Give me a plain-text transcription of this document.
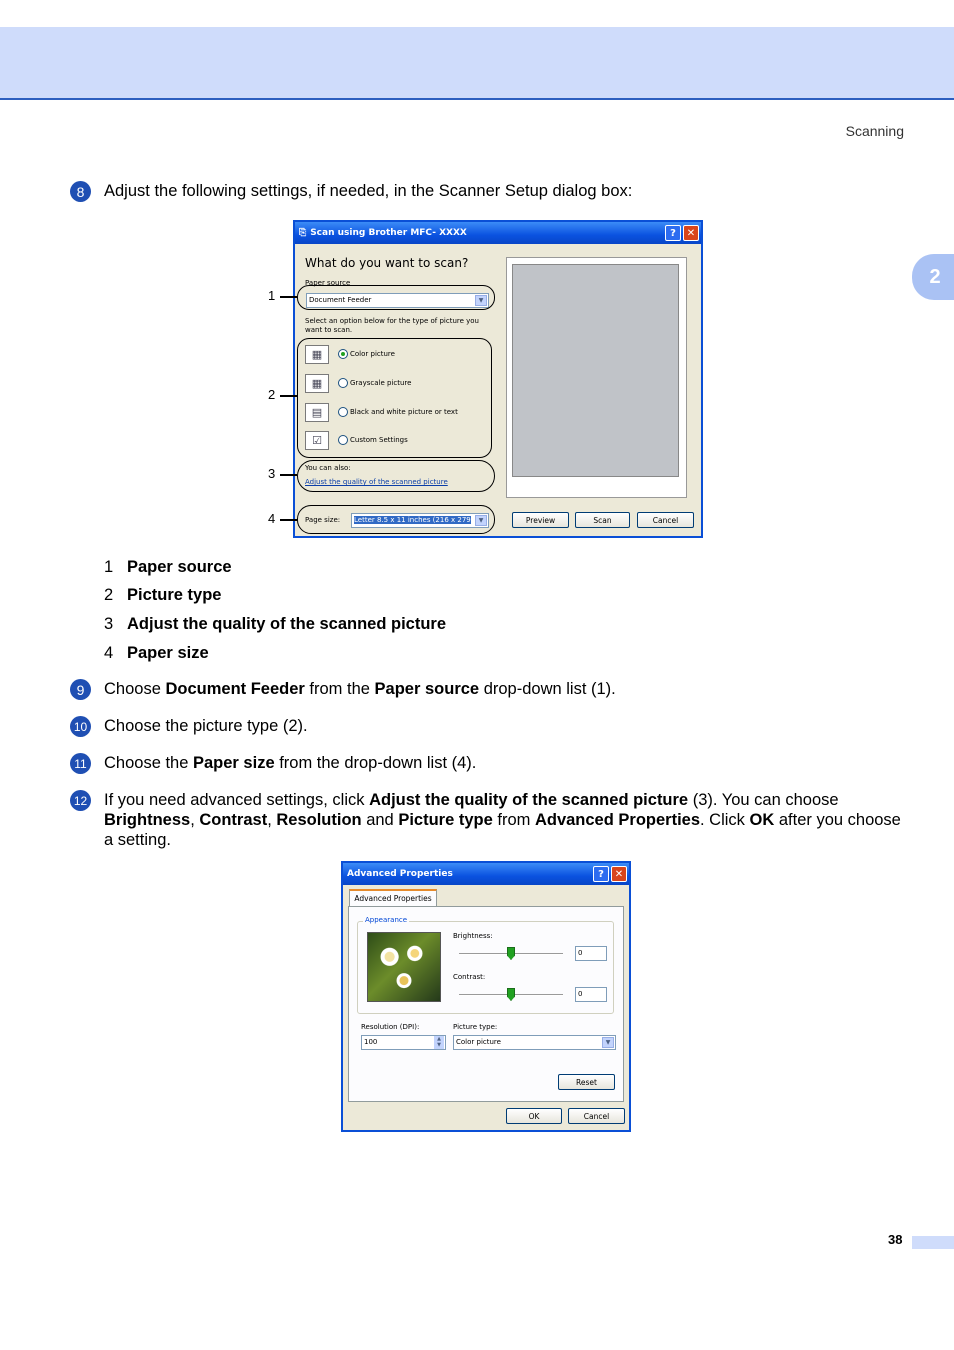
Scanning
2
8	Adjust the following settings, if needed, in the Scanner Setup dialog box:
⎘ Scan using Brother MFC- XXXX	?	✕
What do you want to scan?
Paper source
Document Feeder	▼
Select an option below for the type of picture you want to scan.
▦	Color picture
▦	Grayscale picture
▤	Black and white picture or text
☑	Custom Settings
You can also:
Adjust the quality of the scanned picture
Page size:	Letter 8.5 x 11 inches (216 x 279	▼	Preview	Scan	Cancel
1
2
3
4
1 Paper source
2 Picture type
3 Adjust the quality of the scanned picture
4 Paper size
9	Choose Document Feeder from the Paper source drop-down list (1).
10 Choose the picture type (2).
11 Choose the Paper size from the drop-down list (4).
12 If you need advanced settings, click Adjust the quality of the scanned picture (3). You can choose Brightness, Contrast, Resolution and Picture type from Advanced Properties. Click OK after you choose a setting.
Advanced Properties	?	✕
Advanced Properties
Appearance
Brightness:
0
Contrast:
0
Resolution (DPI):
100	▲
▼
Picture type:
Color picture	▼
Reset
OK	Cancel
38
